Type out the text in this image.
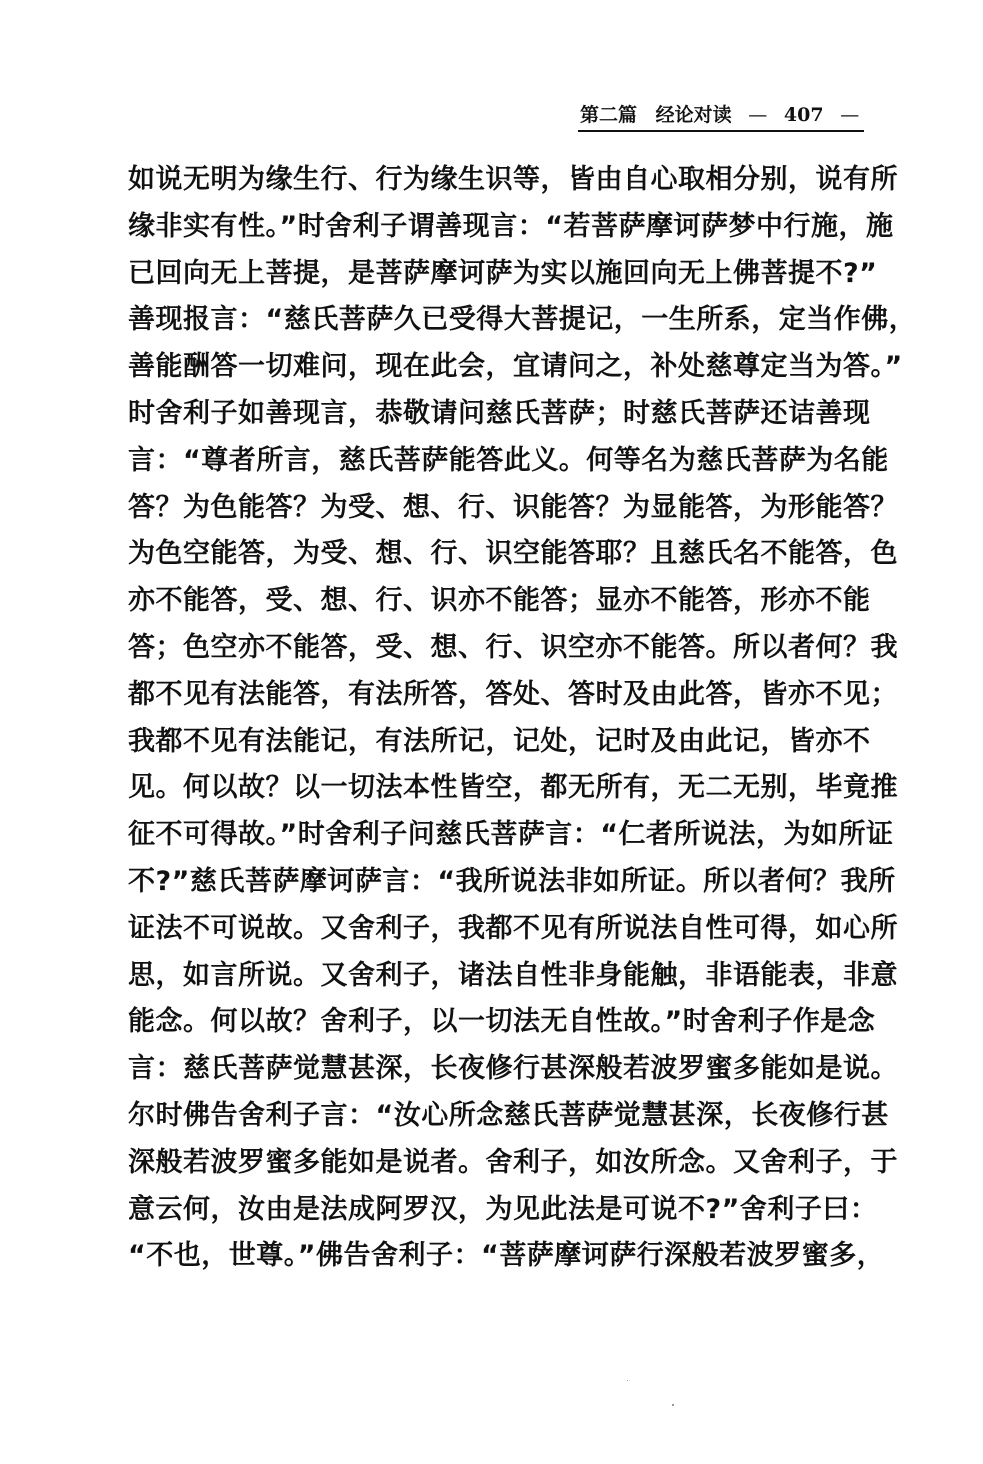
第二篇 经论对读 — 407 —
如说无明为缘生行、行为缘生识等，皆由自心取相分别，说有所
缘非实有性。”时舍利子谓善现言：“若菩萨摩诃萨梦中行施，施
已回向无上菩提，是菩萨摩诃萨为实以施回向无上佛菩提不?”
善现报言：“慈氏菩萨久已受得大菩提记，一生所系，定当作佛，
善能酬答一切难问，现在此会，宜请问之，补处慈尊定当为答。”
时舍利子如善现言，恭敬请问慈氏菩萨；时慈氏菩萨还诘善现
言：“尊者所言，慈氏菩萨能答此义。何等名为慈氏菩萨为名能
答？为色能答？为受、想、行、识能答？为显能答，为形能答？
为色空能答，为受、想、行、识空能答耶？且慈氏名不能答，色
亦不能答，受、想、行、识亦不能答；显亦不能答，形亦不能
答；色空亦不能答，受、想、行、识空亦不能答。所以者何？我
都不见有法能答，有法所答，答处、答时及由此答，皆亦不见；
我都不见有法能记，有法所记，记处，记时及由此记，皆亦不
见。何以故？以一切法本性皆空，都无所有，无二无别，毕竟推
征不可得故。”时舍利子问慈氏菩萨言：“仁者所说法，为如所证
不?”慈氏菩萨摩诃萨言：“我所说法非如所证。所以者何？我所
证法不可说故。又舍利子，我都不见有所说法自性可得，如心所
思，如言所说。又舍利子，诸法自性非身能触，非语能表，非意
能念。何以故？舍利子，以一切法无自性故。”时舍利子作是念
言：慈氏菩萨觉慧甚深，长夜修行甚深般若波罗蜜多能如是说。
尔时佛告舍利子言：“汝心所念慈氏菩萨觉慧甚深，长夜修行甚
深般若波罗蜜多能如是说者。舍利子，如汝所念。又舍利子，于
意云何，汝由是法成阿罗汉，为见此法是可说不?”舍利子曰：
“不也，世尊。”佛告舍利子：“菩萨摩诃萨行深般若波罗蜜多，
